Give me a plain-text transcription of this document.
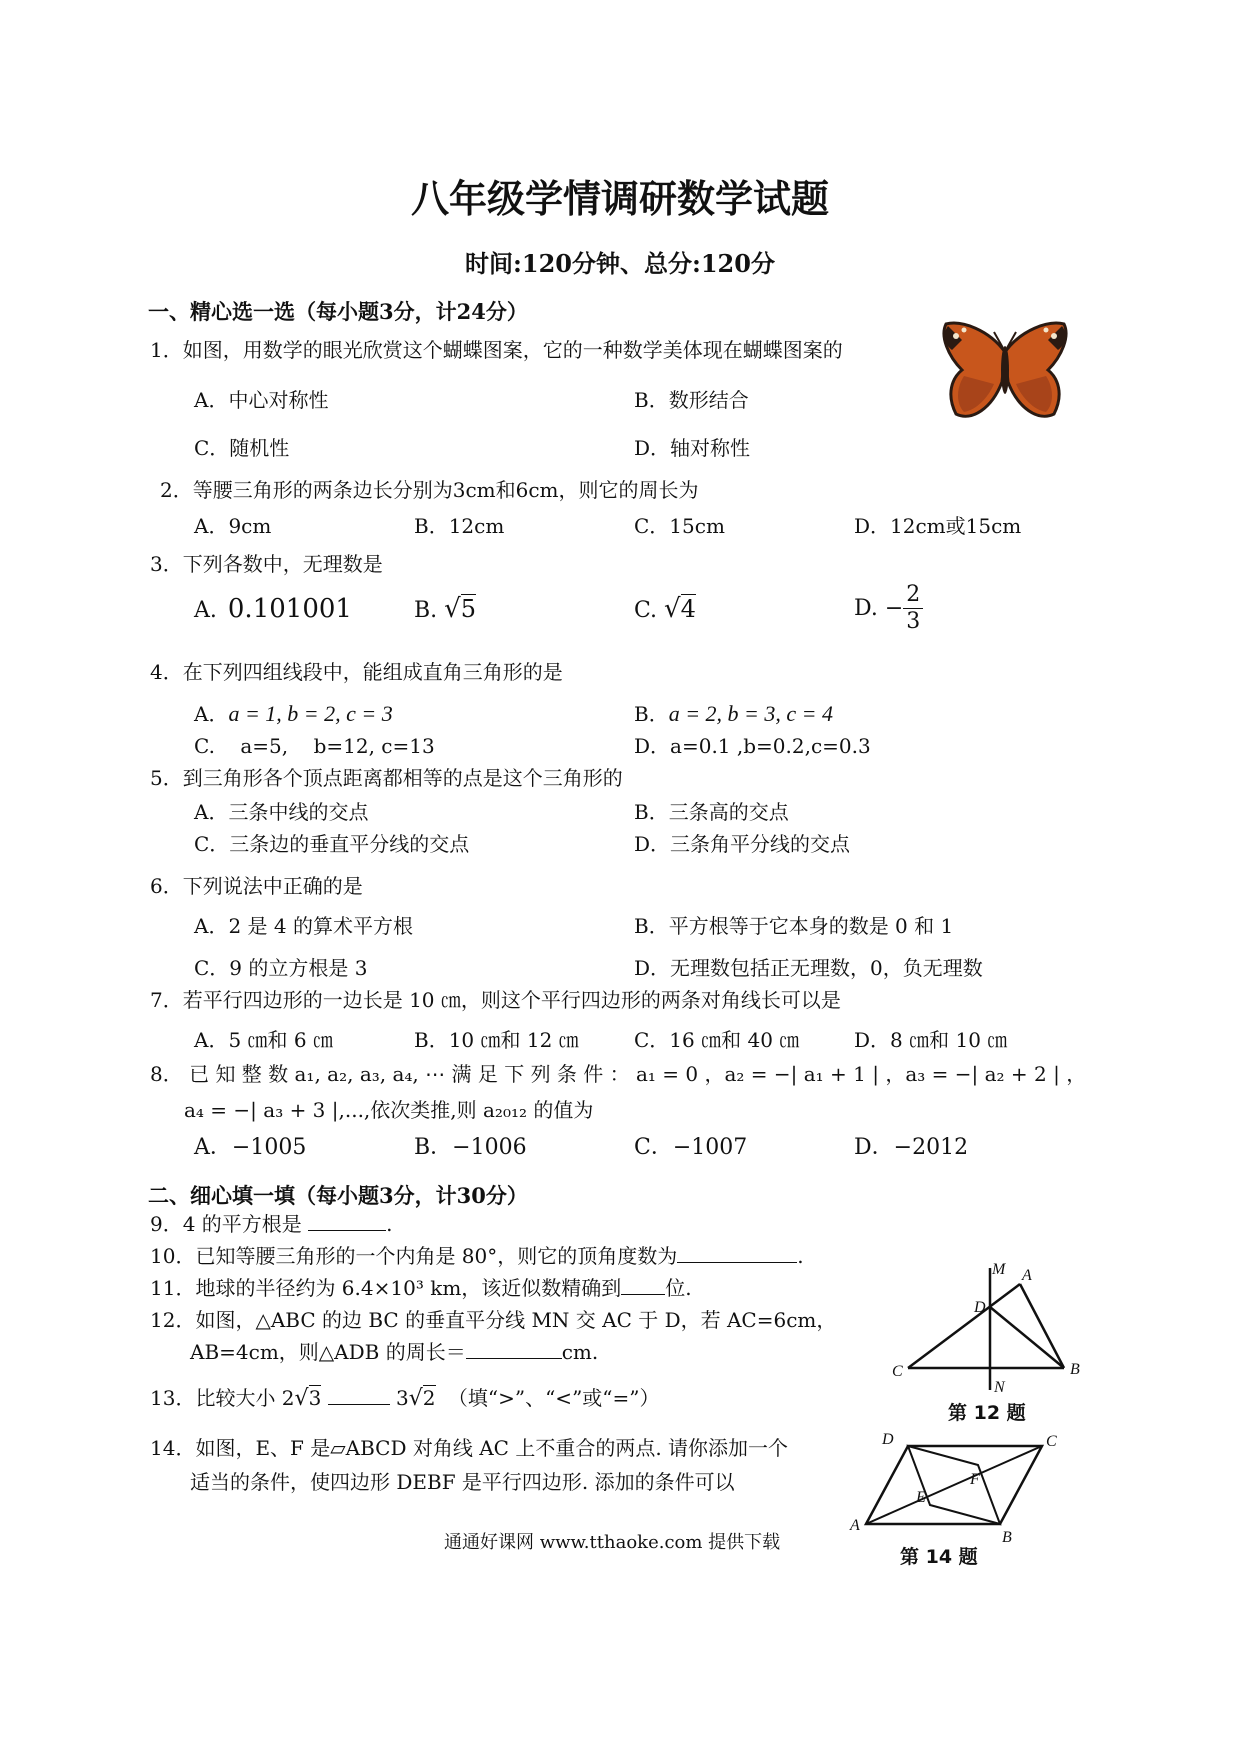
八年级学情调研数学试题
时间:120分钟、总分:120分
一、精心选一选（每小题3分，计24分）
1．如图，用数学的眼光欣赏这个蝴蝶图案，它的一种数学美体现在蝴蝶图案的
A．中心对称性	B．数形结合
C．随机性	D．轴对称性
2．等腰三角形的两条边长分别为3cm和6cm，则它的周长为
A．9cm	B．12cm	C．15cm	D．12cm或15cm
3．下列各数中，无理数是
A. 0.101001	B. √5	C. √4	D. − $\frac{2}{3}$
4．在下列四组线段中，能组成直角三角形的是
A．a = 1, b = 2, c = 3	B．a = 2, b = 3, c = 4
C.    a=5,    b=12, c=13	D．a=0.1 ,b=0.2,c=0.3
5．到三角形各个顶点距离都相等的点是这个三角形的
A．三条中线的交点	B．三条高的交点
C．三条边的垂直平分线的交点	D．三条角平分线的交点
6．下列说法中正确的是
A．2 是 4 的算术平方根	B．平方根等于它本身的数是 0 和 1
C．9 的立方根是 3	D．无理数包括正无理数，0，负无理数
7．若平行四边形的一边长是 10 ㎝，则这个平行四边形的两条对角线长可以是
A．5 ㎝和 6 ㎝	B．10 ㎝和 12 ㎝	C．16 ㎝和 40 ㎝	D．8 ㎝和 10 ㎝
8． 已 知 整 数 a₁, a₂, a₃, a₄, ⋯ 满 足 下 列 条 件 ： a₁ = 0 ，a₂ = −| a₁ + 1 | ，a₃ = −| a₂ + 2 | ，
a₄ = −| a₃ + 3 |,...,依次类推,则 a₂₀₁₂ 的值为
A．−1005	B．−1006	C．−1007	D．−2012
二、细心填一填（每小题3分，计30分）
9．4 的平方根是	.
10．已知等腰三角形的一个内角是 80°，则它的顶角度数为	.
11．地球的半径约为 6.4×10³ km，该近似数精确到 位.
12．如图，△ABC 的边 BC 的垂直平分线 MN 交 AC 于 D，若 AC=6cm，
AB=4cm，则△ADB 的周长＝	cm.
13．比较大小 2√3	3√2 （填“>”、“<”或“=”）
14．如图，E、F 是▱ABCD 对角线 AC 上不重合的两点. 请你添加一个
适当的条件，使四边形 DEBF 是平行四边形. 添加的条件可以
M A
D
C
N
B
第 12 题
D	C
E
F
A
B
第 14 题
通通好课网 www.tthaoke.com 提供下载
